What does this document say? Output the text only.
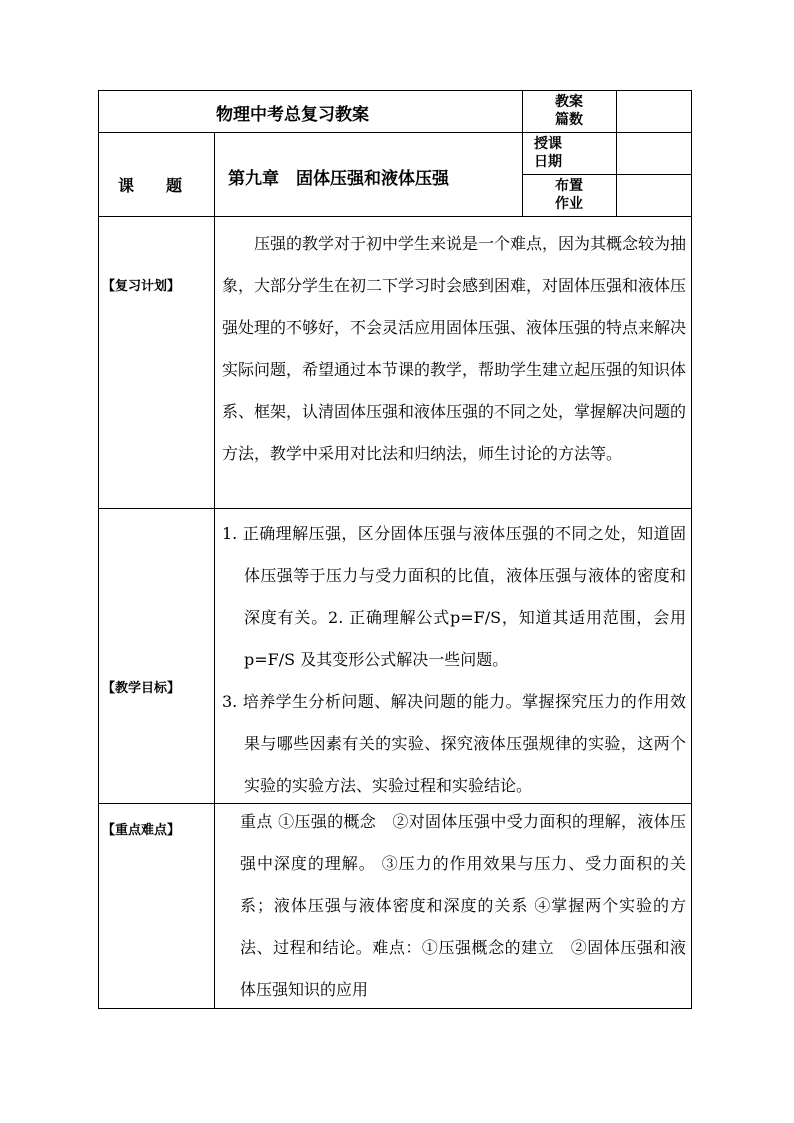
物理中考总复习教案
教案篇数
课　　题	第九章　固体压强和液体压强
授课日期
布置作业
【复习计划】
压强的教学对于初中学生来说是一个难点，因为其概念较为抽象，大部分学生在初二下学习时会感到困难，对固体压强和液体压强处理的不够好，不会灵活应用固体压强、液体压强的特点来解决实际问题，希望通过本节课的教学，帮助学生建立起压强的知识体系、框架，认清固体压强和液体压强的不同之处，掌握解决问题的方法，教学中采用对比法和归纳法，师生讨论的方法等。
【教学目标】
1. 正确理解压强，区分固体压强与液体压强的不同之处，知道固体压强等于压力与受力面积的比值，液体压强与液体的密度和深度有关。2. 正确理解公式p=F/S，知道其适用范围，会用 p=F/S 及其变形公式解决一些问题。
3. 培养学生分析问题、解决问题的能力。掌握探究压力的作用效果与哪些因素有关的实验、探究液体压强规律的实验，这两个实验的实验方法、实验过程和实验结论。
【重点难点】	重点 ①压强的概念　②对固体压强中受力面积的理解，液体压强中深度的理解。 ③压力的作用效果与压力、受力面积的关系；液体压强与液体密度和深度的关系 ④掌握两个实验的方法、过程和结论。难点：①压强概念的建立　②固体压强和液体压强知识的应用
